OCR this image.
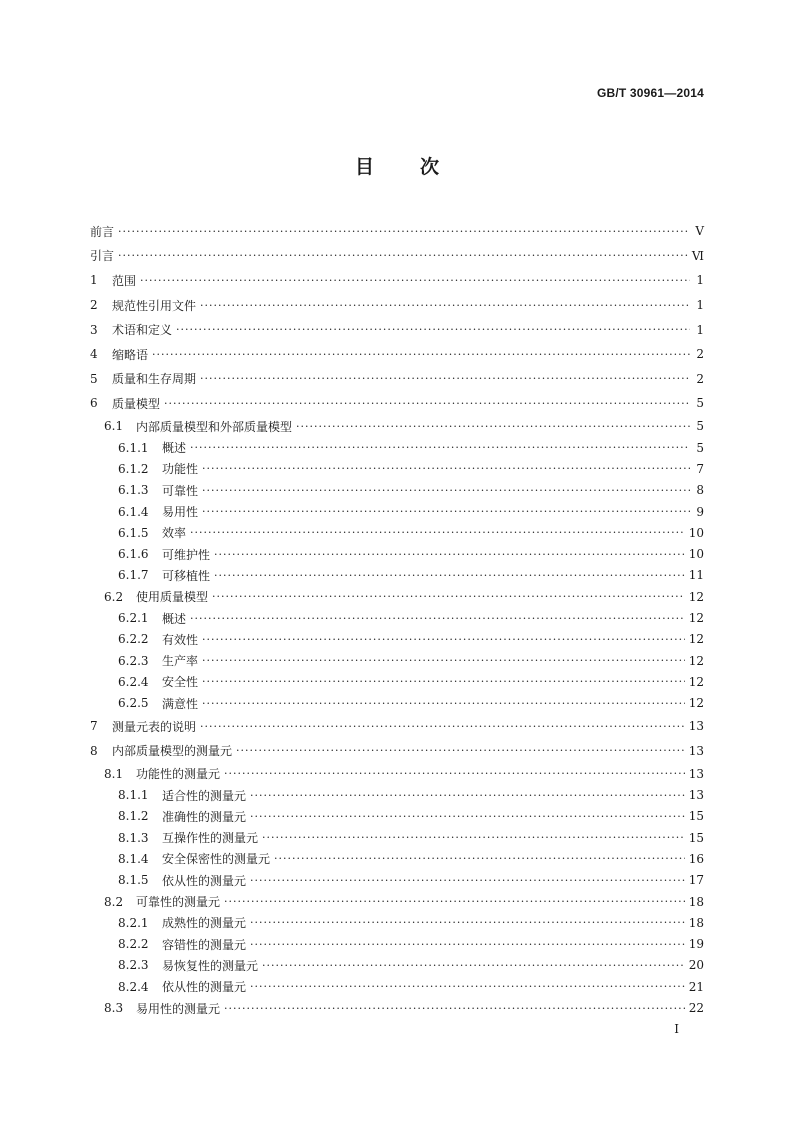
GB/T 30961—2014
目 次
前言 ·····	Ⅴ
引言 ·····	Ⅵ
1	范围 ·····	1
2	规范性引用文件 ·····	1
3	术语和定义 ·····	1
4	缩略语 ·····	2
5	质量和生存周期 ·····	2
6	质量模型 ·····	5
6.1	内部质量模型和外部质量模型 ·····	5
6.1.1	概述 ·····	5
6.1.2	功能性 ·····	7
6.1.3	可靠性 ·····	8
6.1.4	易用性 ·····	9
6.1.5	效率 ·····	10
6.1.6	可维护性 ·····	10
6.1.7	可移植性 ·····	11
6.2	使用质量模型 ·····	12
6.2.1	概述 ·····	12
6.2.2	有效性 ·····	12
6.2.3	生产率 ·····	12
6.2.4	安全性 ·····	12
6.2.5	满意性 ·····	12
7	测量元表的说明 ·····	13
8	内部质量模型的测量元 ·····	13
8.1	功能性的测量元 ·····	13
8.1.1	适合性的测量元 ·····	13
8.1.2	准确性的测量元 ·····	15
8.1.3	互操作性的测量元 ·····	15
8.1.4	安全保密性的测量元 ·····	16
8.1.5	依从性的测量元 ·····	17
8.2	可靠性的测量元 ·····	18
8.2.1	成熟性的测量元 ·····	18
8.2.2	容错性的测量元 ·····	19
8.2.3	易恢复性的测量元 ·····	20
8.2.4	依从性的测量元 ·····	21
8.3	易用性的测量元 ·····	22
I
